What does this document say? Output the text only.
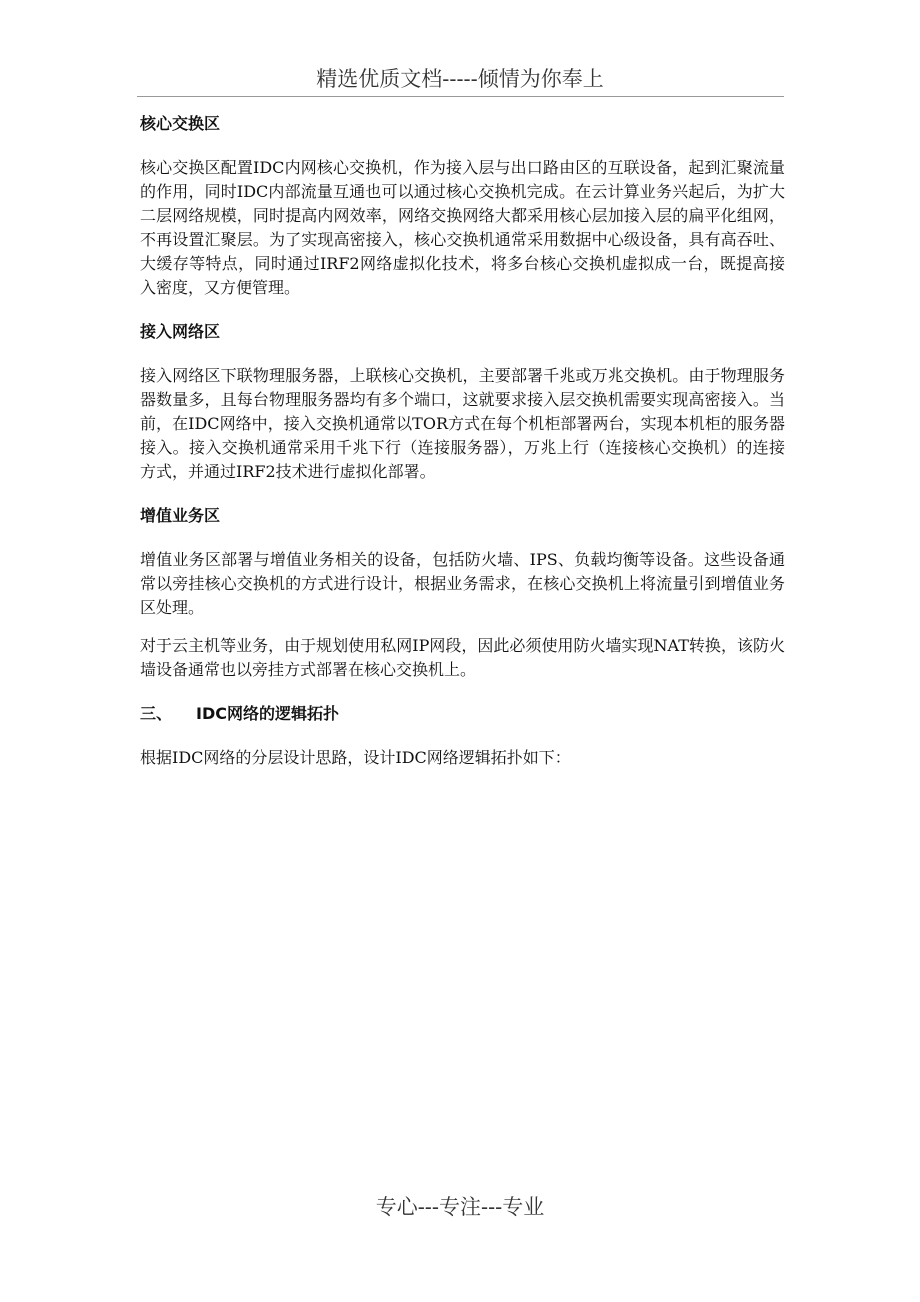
精选优质文档-----倾情为你奉上
核心交换区

核心交换区配置IDC内网核心交换机，作为接入层与出口路由区的互联设备，起到汇聚流量的作用，同时IDC内部流量互通也可以通过核心交换机完成。在云计算业务兴起后，为扩大二层网络规模，同时提高内网效率，网络交换网络大都采用核心层加接入层的扁平化组网，不再设置汇聚层。为了实现高密接入，核心交换机通常采用数据中心级设备，具有高吞吐、大缓存等特点，同时通过IRF2网络虚拟化技术，将多台核心交换机虚拟成一台，既提高接入密度，又方便管理。

接入网络区

接入网络区下联物理服务器，上联核心交换机，主要部署千兆或万兆交换机。由于物理服务器数量多，且每台物理服务器均有多个端口，这就要求接入层交换机需要实现高密接入。当前，在IDC网络中，接入交换机通常以TOR方式在每个机柜部署两台，实现本机柜的服务器接入。接入交换机通常采用千兆下行（连接服务器），万兆上行（连接核心交换机）的连接方式，并通过IRF2技术进行虚拟化部署。

增值业务区

增值业务区部署与增值业务相关的设备，包括防火墙、IPS、负载均衡等设备。这些设备通常以旁挂核心交换机的方式进行设计，根据业务需求，在核心交换机上将流量引到增值业务区处理。

对于云主机等业务，由于规划使用私网IP网段，因此必须使用防火墙实现NAT转换，该防火墙设备通常也以旁挂方式部署在核心交换机上。

三、 IDC网络的逻辑拓扑

根据IDC网络的分层设计思路，设计IDC网络逻辑拓扑如下：

专心---专注---专业
